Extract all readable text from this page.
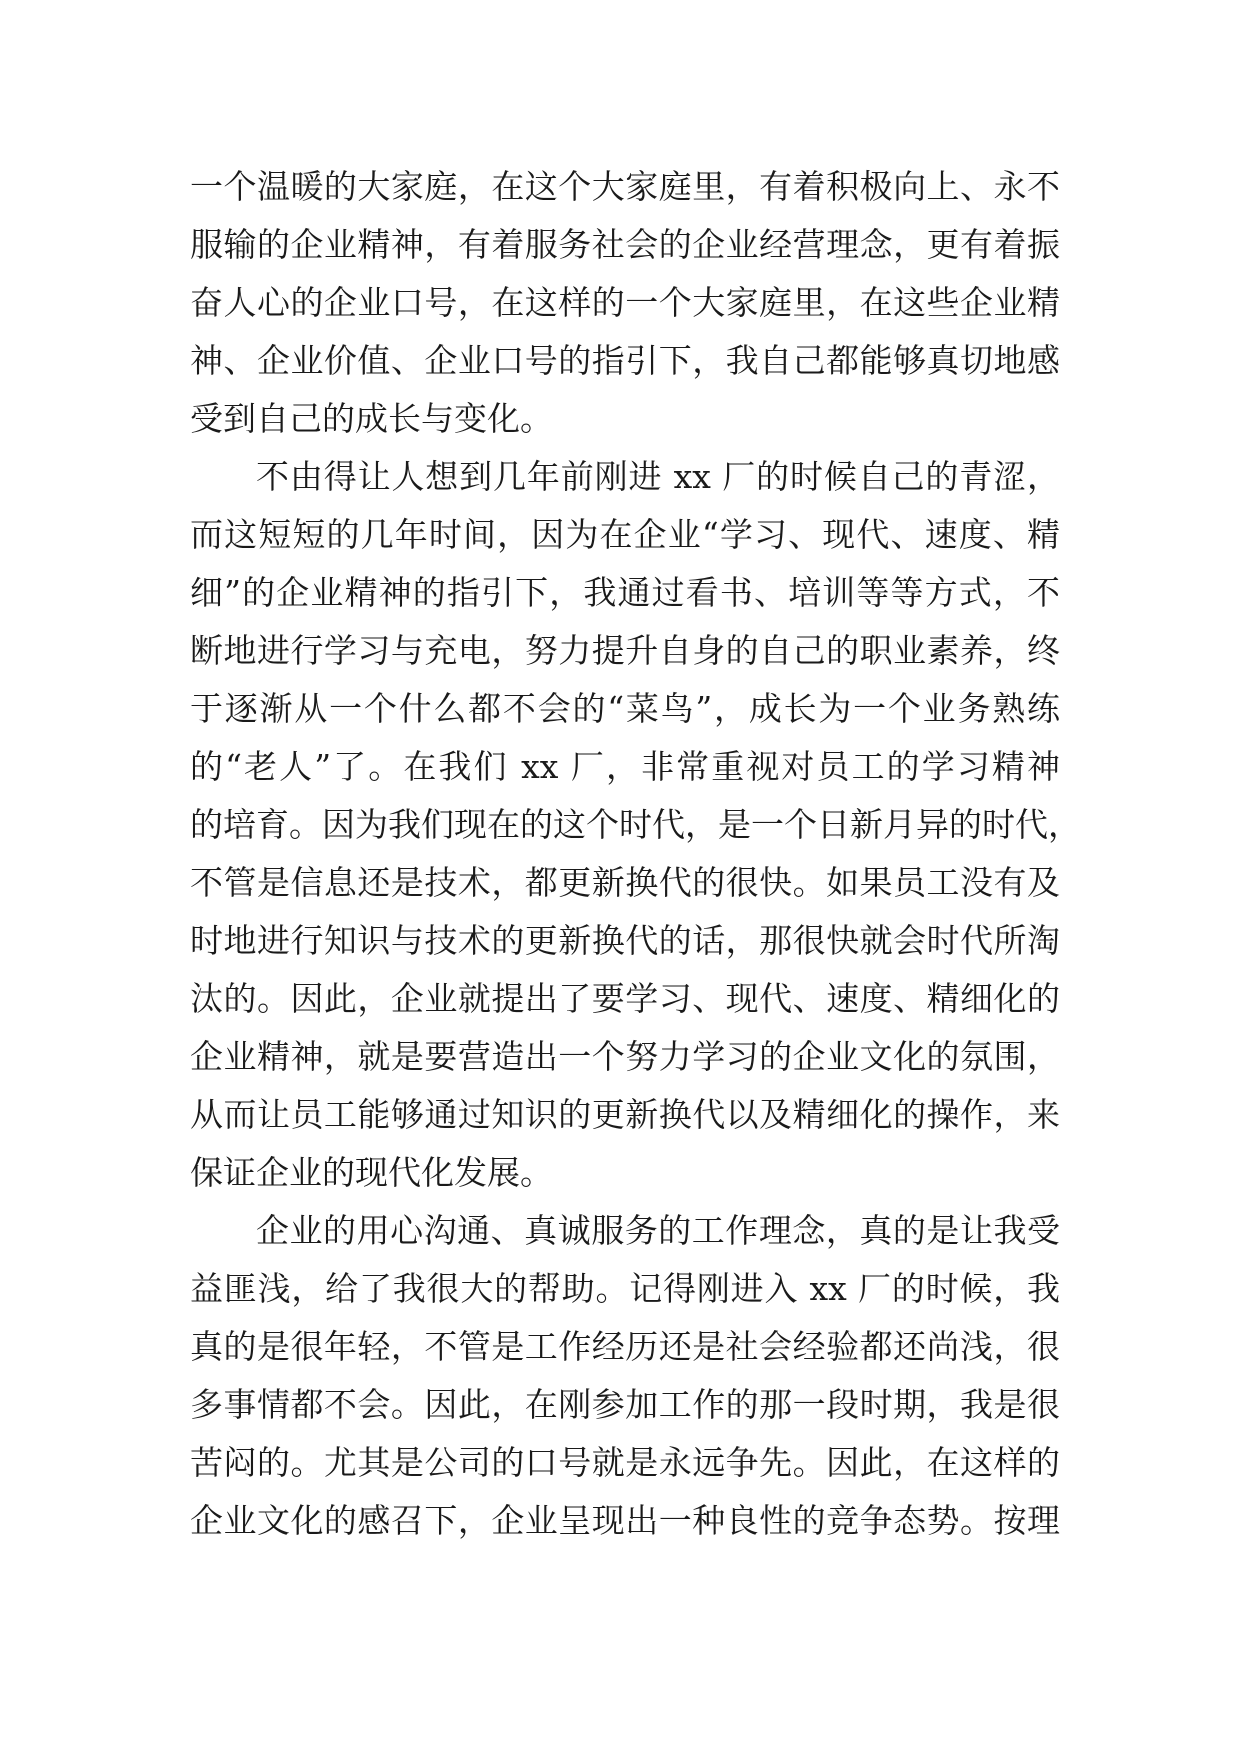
一个温暖的大家庭，在这个大家庭里，有着积极向上、永不
服输的企业精神，有着服务社会的企业经营理念，更有着振
奋人心的企业口号，在这样的一个大家庭里，在这些企业精
神、企业价值、企业口号的指引下，我自己都能够真切地感
受到自己的成长与变化。
不由得让人想到几年前刚进 xx 厂的时候自己的青涩，
而这短短的几年时间，因为在企业“学习、现代、速度、精
细”的企业精神的指引下，我通过看书、培训等等方式，不
断地进行学习与充电，努力提升自身的自己的职业素养，终
于逐渐从一个什么都不会的“菜鸟”，成长为一个业务熟练
的“老人”了。在我们 xx 厂，非常重视对员工的学习精神
的培育。因为我们现在的这个时代，是一个日新月异的时代，
不管是信息还是技术，都更新换代的很快。如果员工没有及
时地进行知识与技术的更新换代的话，那很快就会时代所淘
汰的。因此，企业就提出了要学习、现代、速度、精细化的
企业精神，就是要营造出一个努力学习的企业文化的氛围，
从而让员工能够通过知识的更新换代以及精细化的操作，来
保证企业的现代化发展。
企业的用心沟通、真诚服务的工作理念，真的是让我受
益匪浅，给了我很大的帮助。记得刚进入 xx 厂的时候，我
真的是很年轻，不管是工作经历还是社会经验都还尚浅，很
多事情都不会。因此，在刚参加工作的那一段时期，我是很
苦闷的。尤其是公司的口号就是永远争先。因此，在这样的
企业文化的感召下，企业呈现出一种良性的竞争态势。按理
